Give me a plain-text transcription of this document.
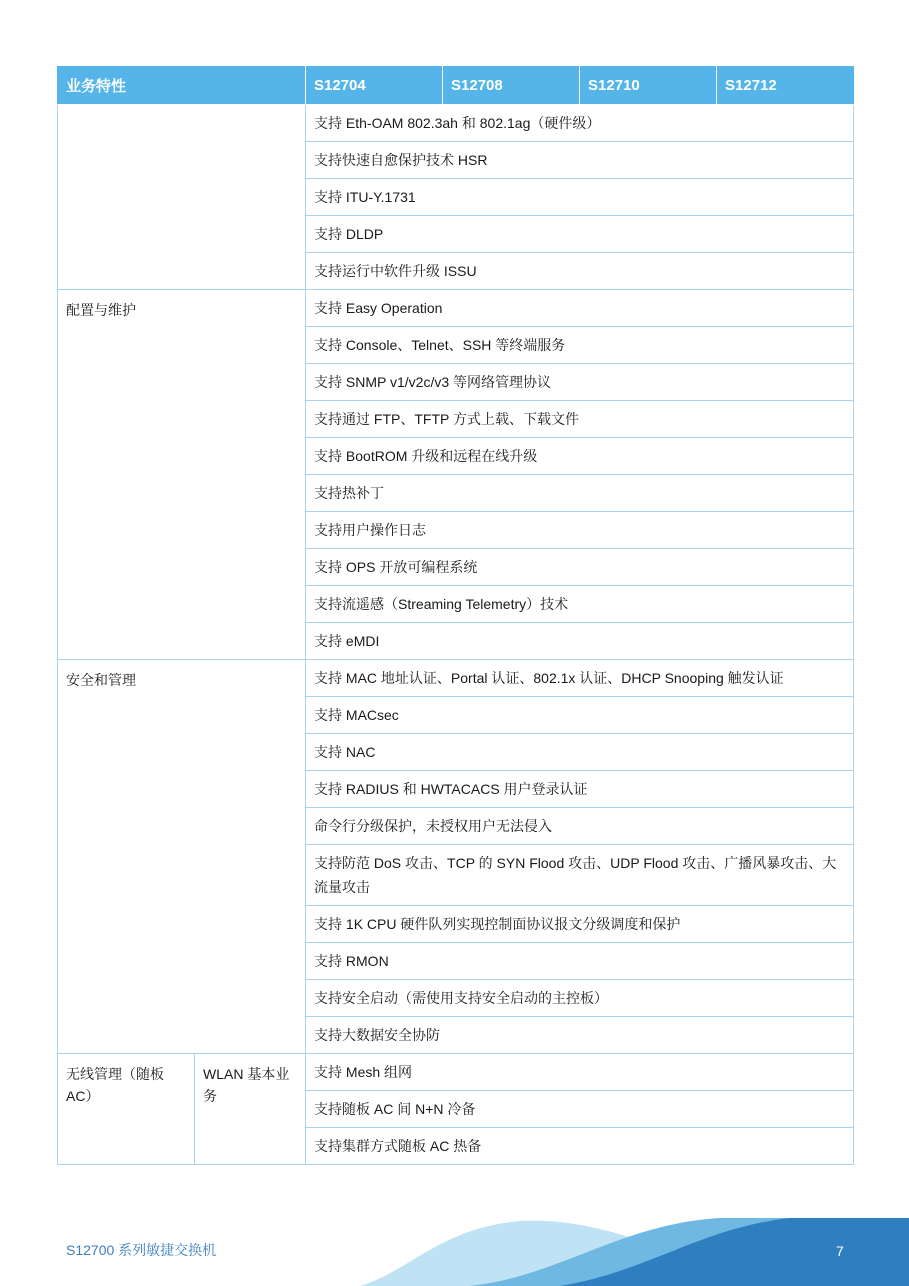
业务特性		S12704	S12708	S12710	S12712
		支持 Eth-OAM 802.3ah 和 802.1ag（硬件级）			
		支持快速自愈保护技术 HSR			
		支持 ITU-Y.1731			
		支持 DLDP			
		支持运行中软件升级 ISSU			
配置与维护		支持 Easy Operation			
		支持 Console、Telnet、SSH 等终端服务			
		支持 SNMP v1/v2c/v3 等网络管理协议			
		支持通过 FTP、TFTP 方式上载、下载文件			
		支持 BootROM 升级和远程在线升级			
		支持热补丁			
		支持用户操作日志			
		支持 OPS 开放可编程系统			
		支持流遥感（Streaming Telemetry）技术			
		支持 eMDI			
安全和管理		支持 MAC 地址认证、Portal 认证、802.1x 认证、DHCP Snooping 触发认证			
		支持 MACsec			
		支持 NAC			
		支持 RADIUS 和 HWTACACS 用户登录认证			
		命令行分级保护，未授权用户无法侵入			
		支持防范 DoS 攻击、TCP 的 SYN Flood 攻击、UDP Flood 攻击、广播风暴攻击、大流量攻击			
		支持 1K CPU 硬件队列实现控制面协议报文分级调度和保护			
		支持 RMON			
		支持安全启动（需使用支持安全启动的主控板）			
		支持大数据安全协防			
无线管理（随板AC）	WLAN 基本业务	支持 Mesh 组网			
		支持随板 AC 间 N+N 冷备			
		支持集群方式随板 AC 热备			
S12700 系列敏捷交换机	7
